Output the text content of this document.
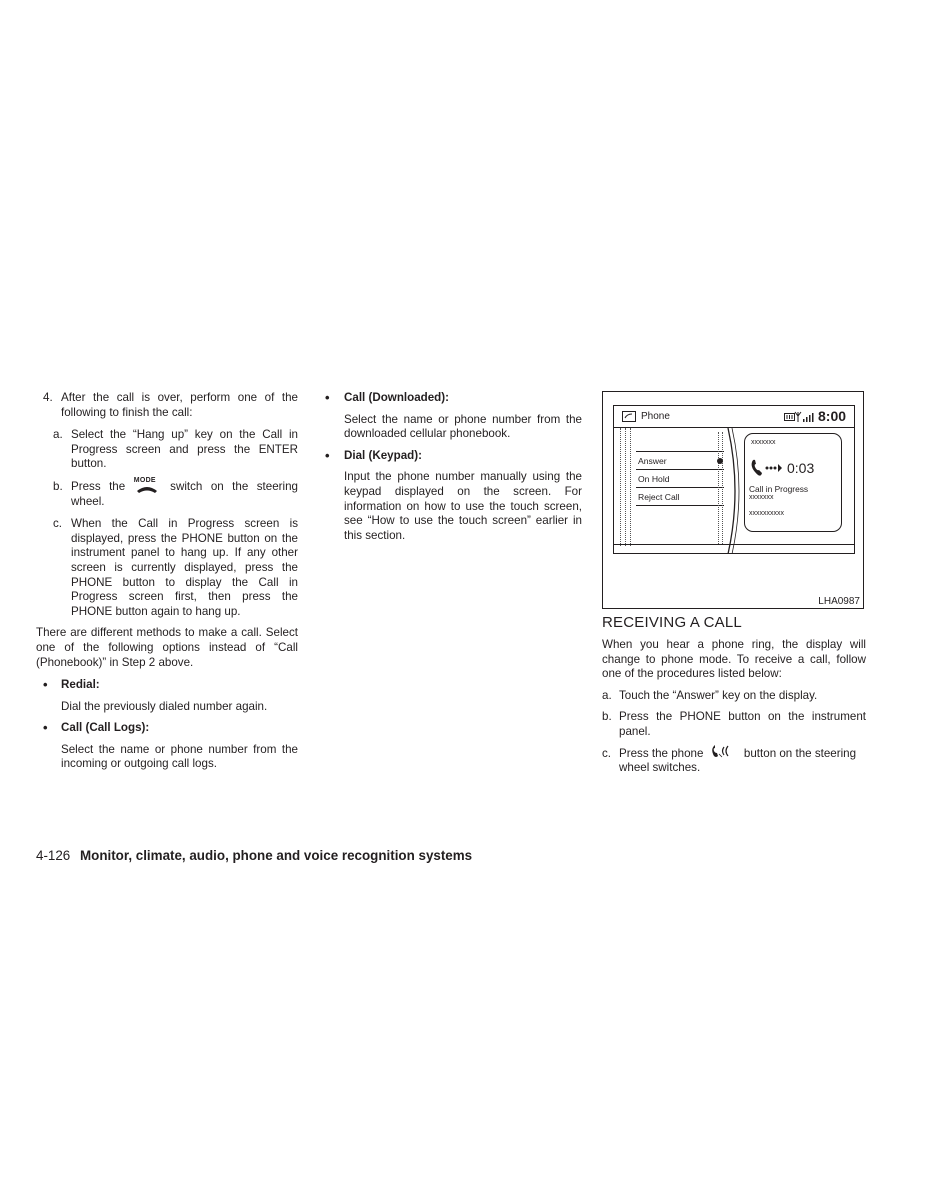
4. After the call is over, perform one of the following to finish the call:

a. Select the “Hang up” key on the Call in Progress screen and press the ENTER button.

b. Press the MODE switch on the steering wheel.

c. When the Call in Progress screen is displayed, press the PHONE button on the instrument panel to hang up. If any other screen is currently displayed, press the PHONE button to display the Call in Progress screen first, then press the PHONE button again to hang up.

There are different methods to make a call. Select one of the following options instead of “Call (Phonebook)” in Step 2 above.

• Redial:

Dial the previously dialed number again.

• Call (Call Logs):

Select the name or phone number from the incoming or outgoing call logs.

• Call (Downloaded):

Select the name or phone number from the downloaded cellular phonebook.

• Dial (Keypad):

Input the phone number manually using the keypad displayed on the screen. For information on how to use the touch screen, see “How to use the touch screen” earlier in this section.

Phone	8:00
Answer
On Hold
Reject Call
xxxxxxx
0:03
Call in Progress
xxxxxxx
xxxxxxxxxx
LHA0987
RECEIVING A CALL

When you hear a phone ring, the display will change to phone mode. To receive a call, follow one of the procedures listed below:

a. Touch the “Answer” key on the display.

b. Press the PHONE button on the instrument panel.

c. Press the phone	button on the steering wheel switches.

4-126 Monitor, climate, audio, phone and voice recognition systems
